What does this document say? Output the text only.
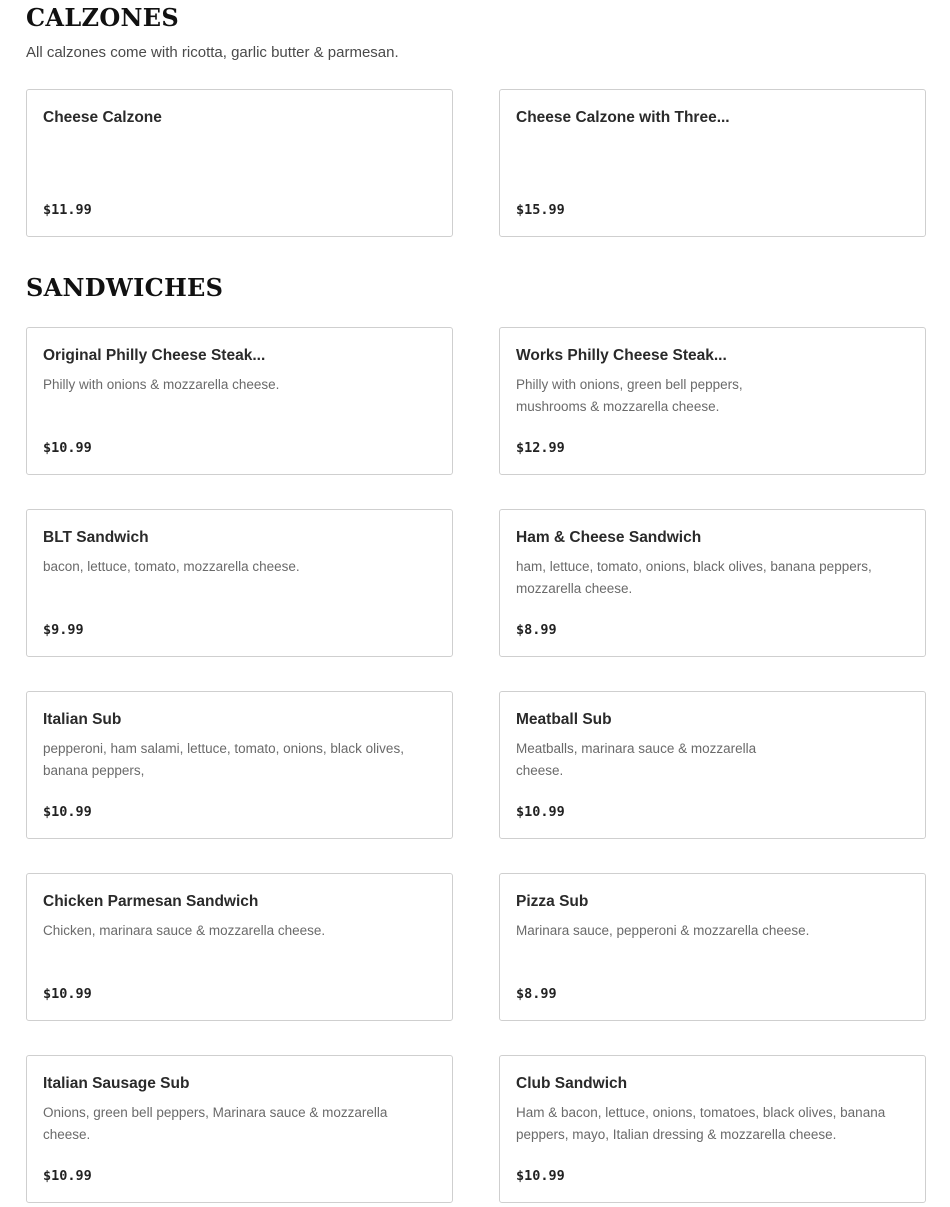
CALZONES

All calzones come with ricotta, garlic butter & parmesan.

Cheese Calzone
$11.99
Cheese Calzone with Three...
$15.99
SANDWICHES
Original Philly Cheese Steak...
Philly with onions & mozzarella cheese.
$10.99
Works Philly Cheese Steak...
Philly with onions, green bell peppers, mushrooms & mozzarella cheese.
$12.99
BLT Sandwich
bacon, lettuce, tomato, mozzarella cheese.
$9.99
Ham & Cheese Sandwich
ham, lettuce, tomato, onions, black olives, banana peppers, mozzarella cheese.
$8.99
Italian Sub
pepperoni, ham salami, lettuce, tomato, onions, black olives, banana peppers,
$10.99
Meatball Sub
Meatballs, marinara sauce & mozzarella cheese.
$10.99
Chicken Parmesan Sandwich
Chicken, marinara sauce & mozzarella cheese.
$10.99
Pizza Sub
Marinara sauce, pepperoni & mozzarella cheese.
$8.99
Italian Sausage Sub
Onions, green bell peppers, Marinara sauce & mozzarella cheese.
$10.99
Club Sandwich
Ham & bacon, lettuce, onions, tomatoes, black olives, banana peppers, mayo, Italian dressing & mozzarella cheese.
$10.99
